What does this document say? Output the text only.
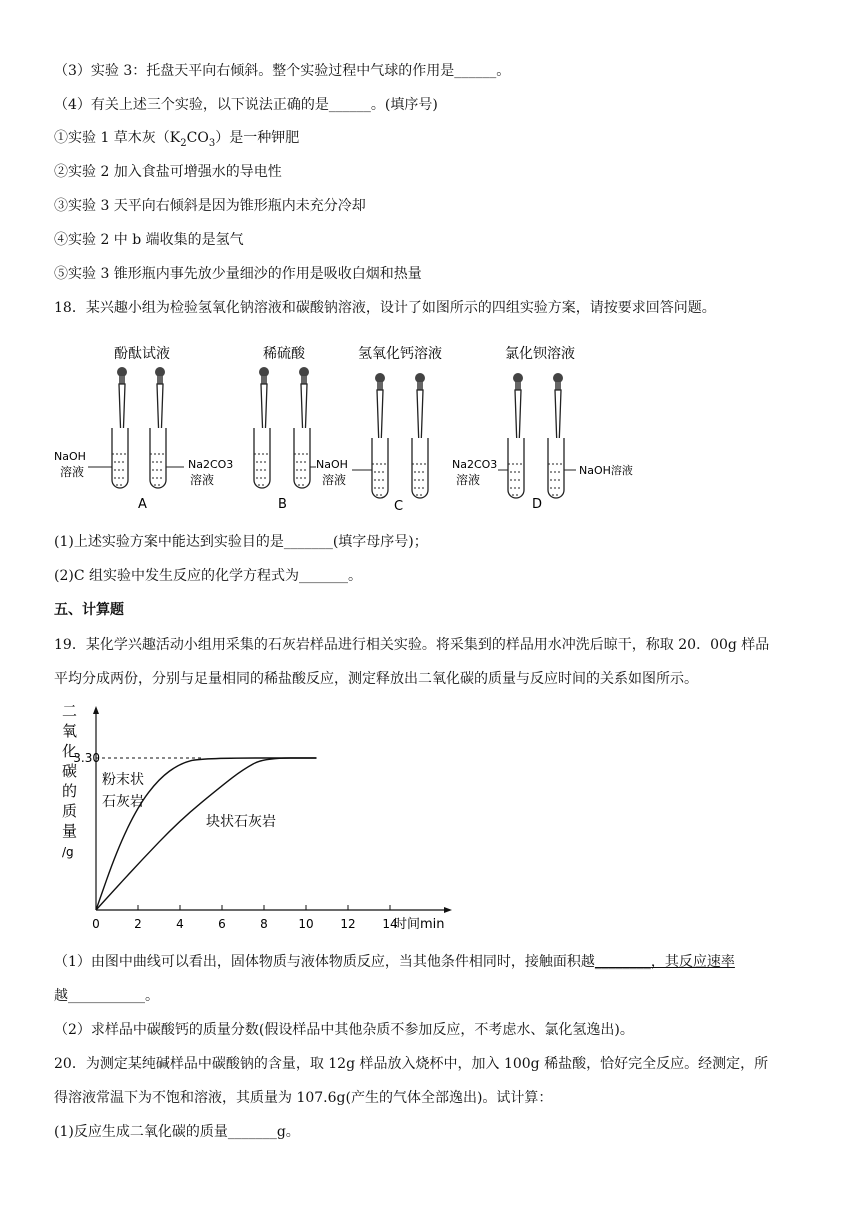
（3）实验 3：托盘天平向右倾斜。整个实验过程中气球的作用是______。
（4）有关上述三个实验，以下说法正确的是______。(填序号)
①实验 1 草木灰$(K_2CO_3)$是一种钾肥
②实验 2 加入食盐可增强水的导电性
③实验 3 天平向右倾斜是因为锥形瓶内未充分冷却
④实验 2 中 b 端收集的是氢气
⑤实验 3 锥形瓶内事先放少量细沙的作用是吸收白烟和热量
18．某兴趣小组为检验氢氧化钠溶液和碳酸钠溶液，设计了如图所示的四组实验方案，请按要求回答问题。
酚酞试液
NaOH
溶液
Na2CO3
溶液
A
稀硫酸
NaOH
溶液
B
氢氧化钙溶液
Na2CO3
溶液
C
氯化钡溶液
NaOH溶液
D
(1)上述实验方案中能达到实验目的是_______(填字母序号)；
(2)C 组实验中发生反应的化学方程式为_______。
五、计算题
19．某化学兴趣活动小组用采集的石灰岩样品进行相关实验。将采集到的样品用水冲洗后晾干，称取 20．00g 样品
平均分成两份，分别与足量相同的稀盐酸反应，测定释放出二氧化碳的质量与反应时间的关系如图所示。
二
氧
化
碳
的
质
量
/g
0	2	4	6	8	10 12 14
3.30
时间min
粉末状
石灰岩
块状石灰岩
（1）由图中曲线可以看出，固体物质与液体物质反应，当其他条件相同时，接触面积越________，其反应速率
越___________。
（2）求样品中碳酸钙的质量分数(假设样品中其他杂质不参加反应，不考虑水、氯化氢逸出)。
20．为测定某纯碱样品中碳酸钠的含量，取 12g 样品放入烧杯中，加入 100g 稀盐酸，恰好完全反应。经测定，所
得溶液常温下为不饱和溶液，其质量为 107.6g(产生的气体全部逸出)。试计算：
(1)反应生成二氧化碳的质量_______g。
